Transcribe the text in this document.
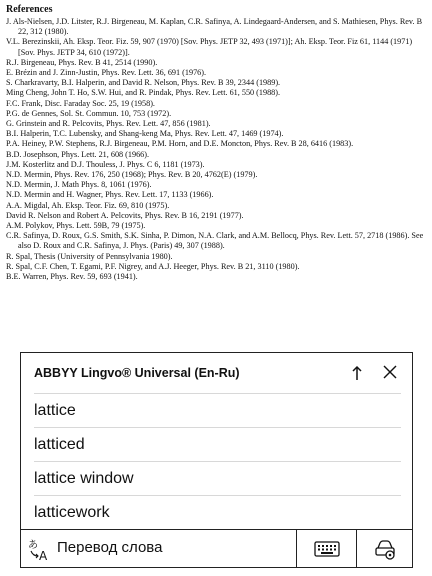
References
J. Als-Nielsen, J.D. Litster, R.J. Birgeneau, M. Kaplan, C.R. Safinya, A. Lindegaard-Andersen, and S. Mathiesen, Phys. Rev. B 22, 312 (1980).
V.L. Berezinskii, Ah. Eksp. Teor. Fiz. 59, 907 (1970) [Sov. Phys. JETP 32, 493 (1971)]; Ah. Eksp. Teor. Fiz 61, 1144 (1971) [Sov. Phys. JETP 34, 610 (1972)].
R.J. Birgeneau, Phys. Rev. B 41, 2514 (1990).
E. Brézin and J. Zinn-Justin, Phys. Rev. Lett. 36, 691 (1976).
S. Charkravarty, B.I. Halperin, and David R. Nelson, Phys. Rev. B 39, 2344 (1989).
Ming Cheng, John T. Ho, S.W. Hui, and R. Pindak, Phys. Rev. Lett. 61, 550 (1988).
F.C. Frank, Disc. Faraday Soc. 25, 19 (1958).
P.G. de Gennes, Sol. St. Commun. 10, 753 (1972).
G. Grinstein and R. Pelcovits, Phys. Rev. Lett. 47, 856 (1981).
B.I. Halperin, T.C. Lubensky, and Shang-keng Ma, Phys. Rev. Lett. 47, 1469 (1974).
P.A. Heiney, P.W. Stephens, R.J. Birgeneau, P.M. Horn, and D.E. Moncton, Phys. Rev. B 28, 6416 (1983).
B.D. Josephson, Phys. Lett. 21, 608 (1966).
J.M. Kosterlitz and D.J. Thouless, J. Phys. C 6, 1181 (1973).
N.D. Mermin, Phys. Rev. 176, 250 (1968); Phys. Rev. B 20, 4762(E) (1979).
N.D. Mermin, J. Math Phys. 8, 1061 (1976).
N.D. Mermin and H. Wagner, Phys. Rev. Lett. 17, 1133 (1966).
A.A. Migdal, Ah. Eksp. Teor. Fiz. 69, 810 (1975).
David R. Nelson and Robert A. Pelcovits, Phys. Rev. B 16, 2191 (1977).
A.M. Polykov, Phys. Lett. 59B, 79 (1975).
C.R. Safinya, D. Roux, G.S. Smith, S.K. Sinha, P. Dimon, N.A. Clark, and A.M. Bellocq, Phys. Rev. Lett. 57, 2718 (1986). See also D. Roux and C.R. Safinya, J. Phys. (Paris) 49, 307 (1988).
R. Spal, Thesis (University of Pennsylvania 1980).
R. Spal, C.F. Chen, T. Egami, P.F. Nigrey, and A.J. Heeger, Phys. Rev. B 21, 3110 (1980).
B.E. Warren, Phys. Rev. 59, 693 (1941).
ABBYY Lingvo® Universal (En-Ru)
lattice
latticed
lattice window
latticework
あ
A Перевод слова
